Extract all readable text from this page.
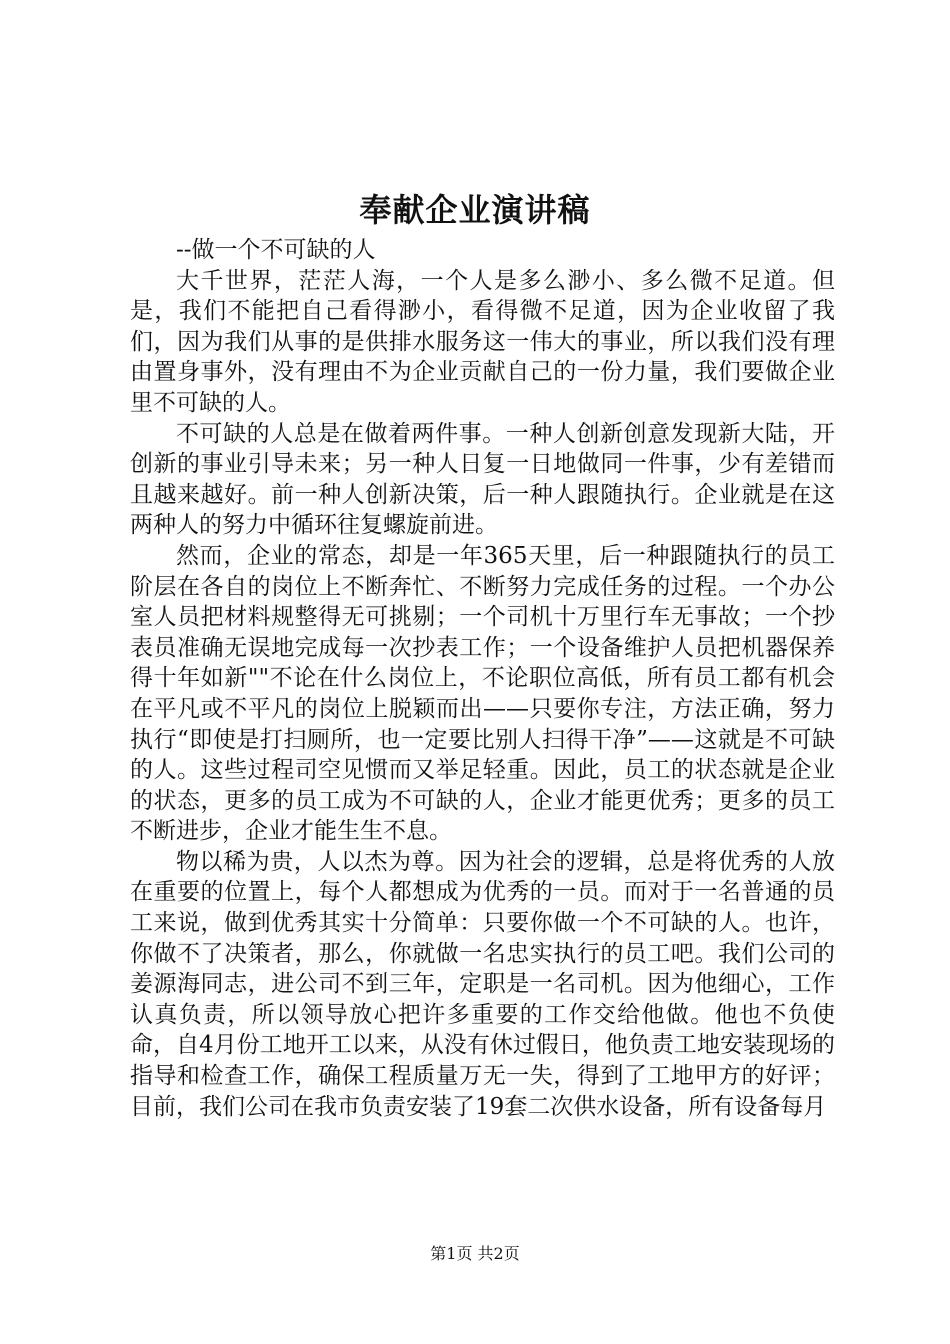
奉献企业演讲稿

--做一个不可缺的人

大千世界，茫茫人海，一个人是多么渺小、多么微不足道。但是，我们不能把自己看得渺小，看得微不足道，因为企业收留了我们，因为我们从事的是供排水服务这一伟大的事业，所以我们没有理由置身事外，没有理由不为企业贡献自己的一份力量，我们要做企业里不可缺的人。

不可缺的人总是在做着两件事。一种人创新创意发现新大陆，开创新的事业引导未来；另一种人日复一日地做同一件事，少有差错而且越来越好。前一种人创新决策，后一种人跟随执行。企业就是在这两种人的努力中循环往复螺旋前进。

然而，企业的常态，却是一年365天里，后一种跟随执行的员工阶层在各自的岗位上不断奔忙、不断努力完成任务的过程。一个办公室人员把材料规整得无可挑剔；一个司机十万里行车无事故；一个抄表员准确无误地完成每一次抄表工作；一个设备维护人员把机器保养得十年如新""不论在什么岗位上，不论职位高低，所有员工都有机会在平凡或不平凡的岗位上脱颖而出——只要你专注，方法正确，努力执行“即使是打扫厕所，也一定要比别人扫得干净”——这就是不可缺的人。这些过程司空见惯而又举足轻重。因此，员工的状态就是企业的状态，更多的员工成为不可缺的人，企业才能更优秀；更多的员工不断进步，企业才能生生不息。

物以稀为贵，人以杰为尊。因为社会的逻辑，总是将优秀的人放在重要的位置上，每个人都想成为优秀的一员。而对于一名普通的员工来说，做到优秀其实十分简单：只要你做一个不可缺的人。也许，你做不了决策者，那么，你就做一名忠实执行的员工吧。我们公司的姜源海同志，进公司不到三年，定职是一名司机。因为他细心，工作认真负责，所以领导放心把许多重要的工作交给他做。他也不负使命，自4月份工地开工以来，从没有休过假日，他负责工地安装现场的指导和检查工作，确保工程质量万无一失，得到了工地甲方的好评；目前，我们公司在我市负责安装了19套二次供水设备，所有设备每月

第1页 共2页
